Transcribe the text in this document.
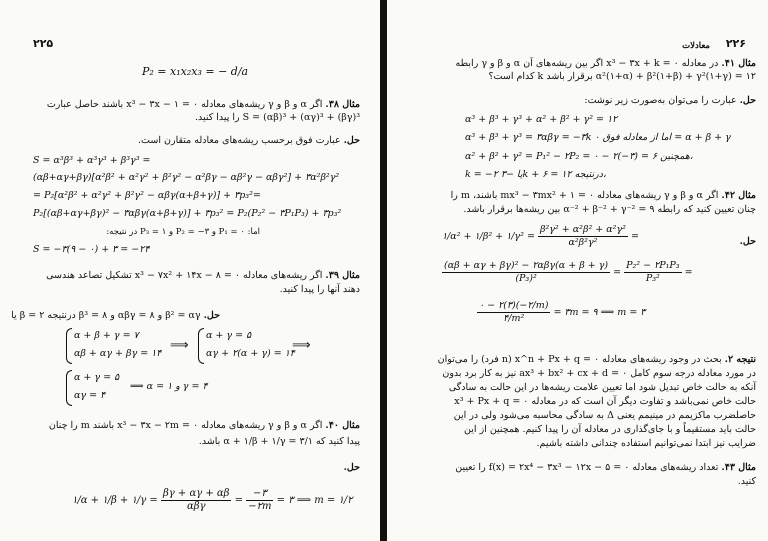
۲۲۵
P₂ = x₁x₂x₃ = − d/a
مثال ۳۸. اگر α و β و γ ریشه‌های معادله ۰ = x³ − ۳x − ۱ باشند حاصل عبارت
S = (αβ)³ + (αγ)³ + (βγ)³ را پیدا کنید.
حل. عبارت فوق برحسب ریشه‌های معادله متقارن است.
S = α³β³ + α³γ³ + β³γ³ =
(αβ+αγ+βγ)[α²β² + α²γ² + β²γ² − α²βγ − αβ²γ − αβγ²] + ۳α²β²γ²
= P₂[α²β² + α²γ² + β²γ² − αβγ(α+β+γ)] + ۳p₃²=
P₂[(αβ+αγ+βγ)² − ۳αβγ(α+β+γ)] + ۳p₃² = P₂(P₂² − ۳P₁P₃) + ۳p₃²
اما: ۰ = P₁ و ۳− = P₂ و ۱ = P₃ در نتیجه:
S = −۳(۹ − ۰) + ۳ = −۲۴
مثال ۳۹. اگر ریشه‌های معادله ۰ = x³ − ۷x² + ۱۴x − ۸ تشکیل تصاعد هندسی
دهند آنها را پیدا کنید.
حل. β² = αγ و αβγ = ۸ و ۸ = β³ درنتیجه ۲ = β یا
α + β + γ = ۷
αβ + αγ + βγ = ۱۴
⟹
α + γ = ۵
αγ + ۲(α + γ) = ۱۴
⟹
α + γ = ۵
αγ = ۴
⟹ α = ۱ و γ = ۴
مثال ۴۰. اگر α و β و γ ریشه‌های معادله ۰ = x³ − ۳x − ۲m باشند m را چنان
پیدا کنید که ۱/α + ۱/β + ۱/γ = ۳ باشد.
حل.
۱/α + ۱/β + ۱/γ = $\frac{\beta\gamma + \alpha\gamma + \alpha\beta}{\text{αβγ}} = \frac{-۳}{-۲m}$ = ۳ ⟹ m = ۱/۲
۲۲۶
معادلات
مثال ۴۱. در معادله ۰ = x³ − ۳x + k اگر بین ریشه‌های آن α و β و γ رابطه
α²(۱+α) + β²(۱+β) + γ²(۱+γ) = ۱۲ برقرار باشد k کدام است؟
حل. عبارت را می‌توان به‌صورت زیر نوشت:
α³ + β³ + γ³ + α² + β² + γ² = ۱۲
α³ + β³ + γ³ = ۳αβγ = −۳k اما از معادله فوق ۰ = α + β + γ
α² + β² + γ² = P₁² − ۲P₂ = ۰ − ۲(−۳) = ۶ همچنین،
k = −۲ یا −۳k + ۶ = ۱۲ درنتیجه،
مثال ۴۲. اگر α و β و γ ریشه‌های معادله ۰ = mx³ − ۳mx² + ۱ باشند، m را
چنان تعیین کنید که رابطه α⁻² + β⁻² + γ⁻² = ۹ بین ریشه‌ها برقرار باشد.
حل.
۱/α² + ۱/β² + ۱/γ² = $\frac{\text{β²γ² + α²β² + α²γ²}}{\text{α²β²γ²}}$ =
$\frac{\text{(αβ + αγ + βγ)² − ۲αβγ(α + β + γ)}}{\text{(P₃)²}} = \frac{\text{P₂² − ۲P₁P₃}}{\text{P₃²}}$ =
$\frac{۰ - ۲(۳)(-۲/m)}{\text{۴/m²}}$ = ۳m = ۹ ⟹ m = ۳
نتیجه ۲. بحث در وجود ریشه‌های معادله ۰ = x^n + Px + q (n فرد) را می‌توان
در مورد معادله درجه سوم کامل ۰ = ax³ + bx² + cx + d نیز به کار برد بدون
آنکه به حالت خاص تبدیل شود اما تعیین علامت ریشه‌ها در این حالت به سادگی
حالت خاص نمی‌باشد و تفاوت دیگر آن است که در معادله ۰ = x³ + Px + q
حاصلضرب ماکزیمم در مینیمم یعنی Δ به سادگی محاسبه می‌شود ولی در این
حالت باید مستقیماً و با جای‌گذاری در معادله آن را پیدا کنیم. همچنین از این
ضرایب نیز ابتدا نمی‌توانیم استفاده چندانی داشته باشیم.
مثال ۴۳. تعداد ریشه‌های معادله ۰ = f(x) = ۲x⁴ − ۳x³ − ۱۲x − ۵ را تعیین
کنید.
